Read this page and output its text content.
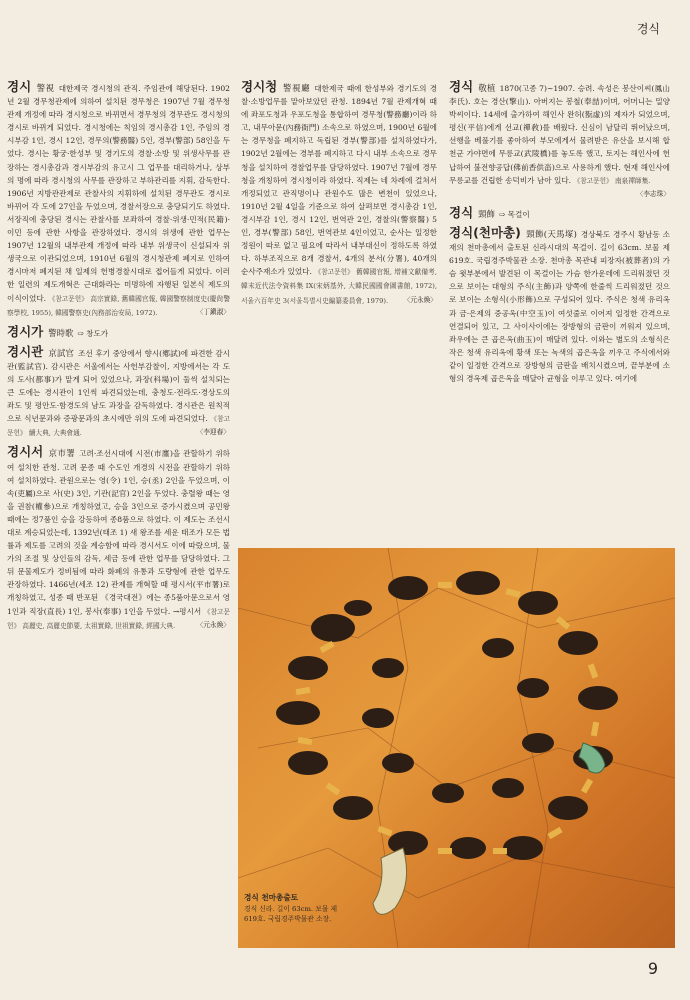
경식
경시 警視 대한제국 경시청의 관직. 주임관에 해당된다. 1902년 2월 경무청관제에 의하여 설치된 경무청은 1907년 7월 경무청관제 개정에 따라 경시청으로 바뀌면서 경무청의 경무관도 경시청의 경시로 바뀌게 되었다. 경시청에는 칙임의 경시총감 1인, 주임의 경시부감 1인, 경시 12인, 경무의(警務醫) 5인, 경부(警部) 58인을 두었다. 경시는 황궁·한성부 및 경기도의 경찰·소방 및 위생사무를 관장하는 경시총감과 경시부감의 유고시 그 업무를 대리하거나, 상부의 명에 따라 경시청의 사무를 관장하고 부하관리를 지휘, 감독한다. 1906년 지방관관제로 관찰사의 지휘하에 설치된 경무관도 경시로 바뀌어 각 도에 27인을 두었으며, 경찰서장으로 충당되기도 하였다. 서장직에 충당된 경시는 관찰사를 보좌하여 경찰·위생·민적(民籍)·이민 등에 관한 사항을 관장하였다. 경시의 위생에 관한 업무는 1907년 12월의 내부관제 개정에 따라 내부 위생국이 신설되자 위생국으로 이관되었으며, 1910년 6월의 경시청관제 폐지로 인하여 경시마저 폐지된 채 일제의 헌병경찰시대로 접어들게 되었다. 이러한 일련의 제도개혁은 근대화라는 미명하에 자행된 일본식 제도의 이식이었다. 《참고문헌》 高宗實錄, 舊韓國官報, 韓國警察制度史(慶尙警察學校, 1955), 韓國警察史(內務部治安局, 1972).	〈丁鎭淑〉
경시가 警時歌 ⇨ 창도가
경시관 京試官 조선 후기 중앙에서 향시(鄕試)에 파견한 감시관(監試官). 감시관은 서울에서는 사헌부감찰이, 지방에서는 각 도의 도사(都事)가 맡게 되어 있었으나, 과장(科場)이 둘씩 설치되는 큰 도에는 경시관이 1인씩 파견되었는데, 충청도·전라도·경상도의 좌도 및 평안도·함경도의 남도 과장을 감독하였다. 경시관은 원칙적으로 식년문과와 증광문과의 초시에만 위의 도에 파견되었다. 《참고문헌》 續大典, 大典會通.	〈李迎春〉
경시서 京市署 고려·조선시대에 시전(市廛)을 관할하기 위하여 설치한 관청. 고려 문종 때 수도인 개경의 시전을 관할하기 위하여 설치하였다. 관원으로는 영(令) 1인, 승(丞) 2인을 두었으며, 이속(吏屬)으로 사(史) 3인, 기관(記官) 2인을 두었다. 충렬왕 때는 영을 권참(權參)으로 개칭하였고, 승을 3인으로 증가시켰으며 공민왕 때에는 정7품인 승을 강등하여 종8품으로 하였다. 이 제도는 조선시대로 계승되었는데, 1392년(태조 1) 새 왕조를 세운 태조가 모든 법률과 제도를 고려의 것을 계승함에 따라 경시서도 이에 따랐으며, 물가의 조절 및 상인들의 감독, 세금 등에 관한 업무를 담당하였다. 그뒤 문물제도가 정비됨에 따라 화폐의 유통과 도량형에 관한 업무도 관장하였다. 1466년(세조 12) 관제를 개혁할 때 평시서(平市署)로 개칭하였고, 성종 때 반포된 《경국대전》에는 종5품아문으로서 영 1인과 직장(直長) 1인, 봉사(奉事) 1인을 두었다. →평시서 《참고문헌》 高麗史, 高麗史節要, 太祖實錄, 世祖實錄, 經國大典.	〈元永煥〉
경시청 警視廳 대한제국 때에 한성부와 경기도의 경찰·소방업무를 맡아보았던 관청. 1894년 7월 관제개혁 때에 좌포도청과 우포도청을 통합하여 경무청(警務廳)이라 하고, 내무아문(內務衙門) 소속으로 하였으며, 1900년 6월에는 경무청을 폐지하고 독립된 경부(警部)를 설치하였다가, 1902년 2월에는 경부를 폐지하고 다시 내부 소속으로 경무청을 설치하여 경찰업무를 담당하였다. 1907년 7월에 경무청을 개칭하여 경시청이라 하였다. 직제는 네 차례에 걸쳐서 개정되었고 관직명이나 관원수도 많은 변천이 있었으나, 1910년 2월 4일을 기준으로 하여 살펴보면 경시총감 1인, 경시부감 1인, 경시 12인, 번역관 2인, 경찰의(警察醫) 5인, 경부(警部) 58인, 번역관보 4인이었고, 순사는 일정한 정원이 따로 없고 필요에 따라서 내부대신이 정하도록 하였다. 하부조직으로 8개 경찰서, 4개의 분서(分署), 40개의 순사주재소가 있었다. 《참고문헌》 舊韓國官報, 增補文獻備考, 韓末近代法令資料集 IX(宋炳基外, 大韓民國國會圖書館, 1972), 서울六百年史 3(서울특별시史編纂委員會, 1979). 〈元永煥〉
경식 敬植 1870(고종 7)∼1907. 승려. 속성은 봉산이씨(鳳山李氏). 호는 경산(擎山). 아버지는 봉철(奉喆)이며, 어머니는 밀양박씨이다. 14세에 출가하여 해인사 완허(翫虛)의 제자가 되었으며, 평신(平信)에게 선교(禪敎)를 배웠다. 신심이 남달리 뛰어났으며, 선행을 베풀기를 좋아하여 부모에게서 물려받은 유산을 보시해 합천군 가야면에 무릉교(武陵橋)를 놓도록 했고, 토지는 해인사에 헌납하여 불전향공답(佛前香供畓)으로 사용하게 했다. 현재 해인사에 무릉교를 건립한 송덕비가 남아 있다. 《참고문헌》 南泉禪師集.
〈李志珠〉
경식 頸飾 ⇨ 목걸이
경식(천마총) 頸飾(天馬塚) 경상북도 경주시 황남동 소재의 천마총에서 출토된 신라시대의 목걸이. 길이 63cm. 보물 제619호. 국립경주박물관 소장. 천마총 목관내 피장자(被葬者)의 가슴 윗부분에서 발견된 이 목걸이는 가슴 한가운데에 드리워졌던 것으로 보이는 대형의 주식(主飾)과 양쪽에 한줄씩 드리워졌던 것으로 보이는 소형식(小形飾)으로 구성되어 있다. 주식은 청색 유리옥과 금·은제의 중공옥(中空玉)이 여섯줄로 이어져 일정한 간격으로 연결되어 있고, 그 사이사이에는 장방형의 금판이 끼워져 있으며, 좌우에는 큰 곱은옥(曲玉)이 매달려 있다. 이와는 별도의 소형식은 작은 청색 유리옥에 황색 또는 녹색의 곱은옥을 끼우고 주식에서와 같이 일정한 간격으로 장방형의 금판을 배치시켰으며, 끝부분에 소형의 경옥제 곱은옥을 매달아 균형을 이루고 있다. 여기에
경식 천마총출토
경식 신라. 길이 63cm. 보물 제619호. 국립경주박물관 소장.
9
